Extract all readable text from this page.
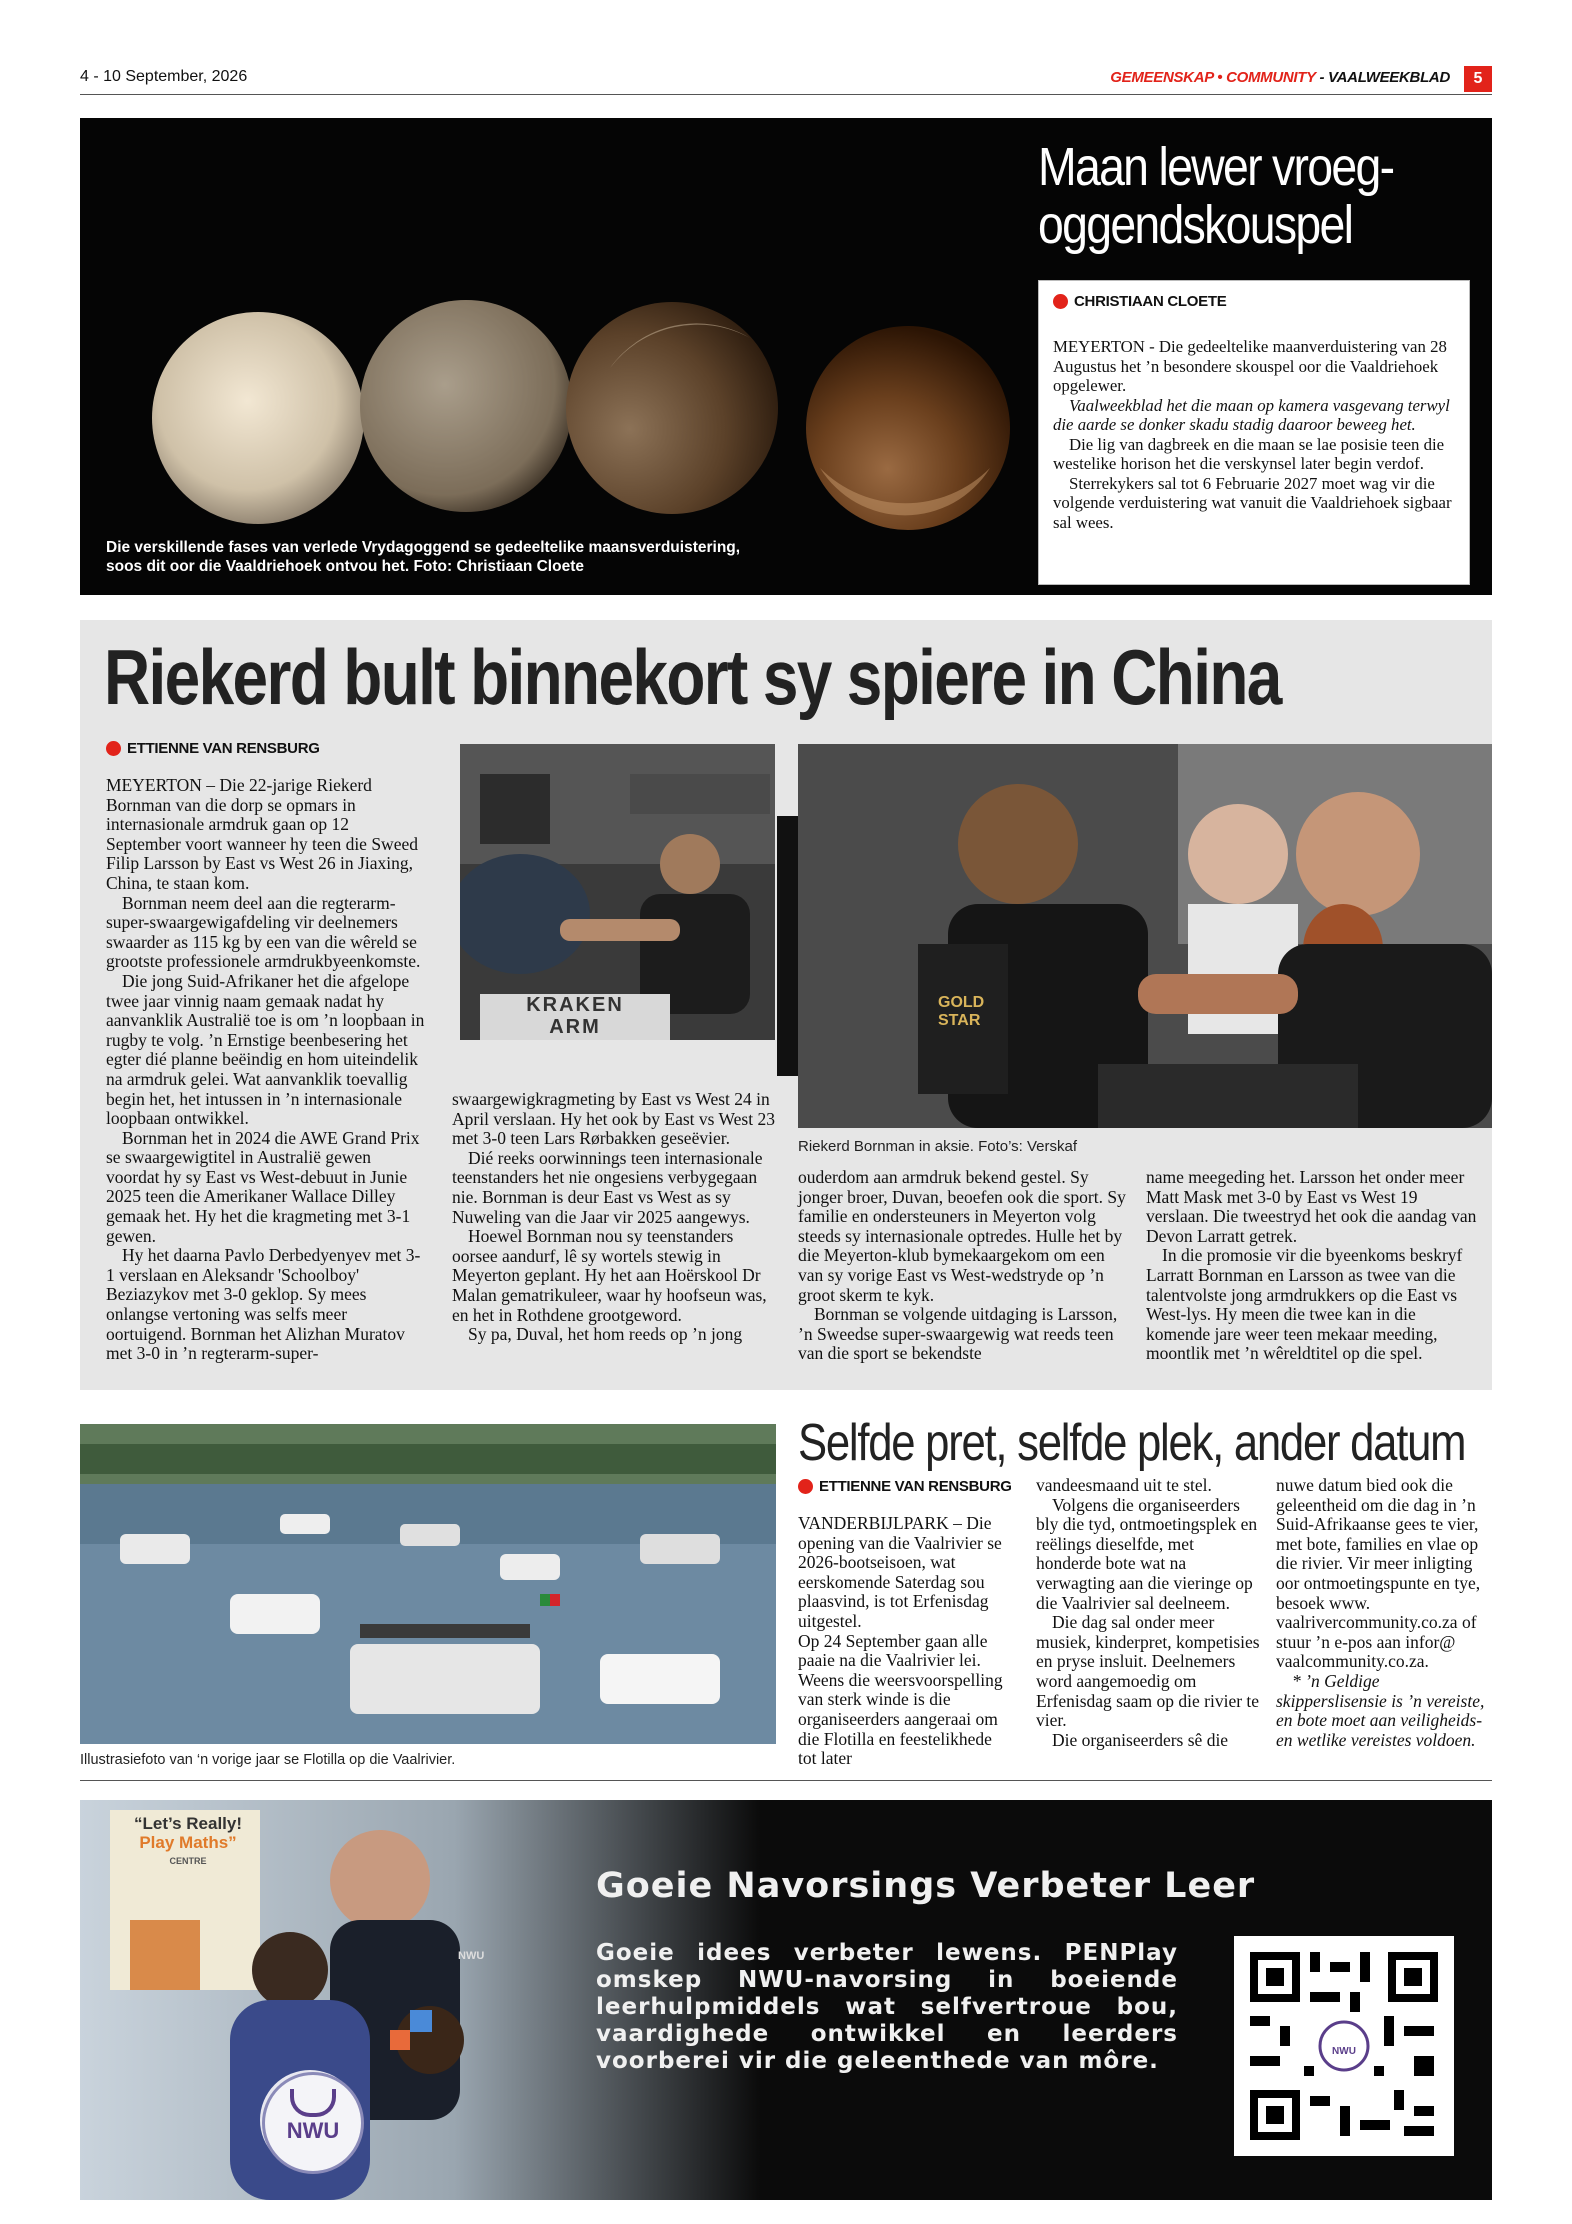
4 - 10 September, 2026	GEMEENSKAP • COMMUNITY - VAALWEEKBLAD	5
Die verskillende fases van verlede Vrydagoggend se gedeeltelike maansverduistering,
soos dit oor die Vaaldriehoek ontvou het. Foto: Christiaan Cloete
Maan lewer vroeg-
oggendskouspel
CHRISTIAAN CLOETE

MEYERTON - Die gedeeltelike maanverduistering van 28 Augustus het ’n besondere skouspel oor die Vaaldriehoek opgelewer.

Vaalweekblad het die maan op kamera vasgevang terwyl die aarde se donker skadu stadig daaroor beweeg het.

Die lig van dagbreek en die maan se lae posisie teen die westelike horison het die verskynsel later begin verdof.

Sterrekykers sal tot 6 Februarie 2027 moet wag vir die volgende verduistering wat vanuit die Vaaldriehoek sigbaar sal wees.

Riekerd bult binnekort sy spiere in China
ETTIENNE VAN RENSBURG

MEYERTON – Die 22-jarige Riekerd Bornman van die dorp se opmars in internasionale armdruk gaan op 12 September voort wanneer hy teen die Sweed Filip Larsson by East vs West 26 in Jiaxing, China, te staan kom.

Bornman neem deel aan die regterarm-super-swaargewigafdeling vir deelnemers swaarder as 115 kg by een van die wêreld se grootste professionele armdrukbyeenkomste.

Die jong Suid-Afrikaner het die afgelope twee jaar vinnig naam gemaak nadat hy aanvanklik Australië toe is om ’n loopbaan in rugby te volg. ’n Ernstige beenbesering het egter dié planne beëindig en hom uiteindelik na armdruk gelei. Wat aanvanklik toevallig begin het, het intussen in ’n internasionale loopbaan ontwikkel.

Bornman het in 2024 die AWE Grand Prix se swaargewigtitel in Australië gewen voordat hy sy East vs West-debuut in Junie 2025 teen die Amerikaner Wallace Dilley gemaak het. Hy het die kragmeting met 3-1 gewen.

Hy het daarna Pavlo Derbedyenyev met 3-1 verslaan en Aleksandr 'Schoolboy' Beziazykov met 3-0 geklop. Sy mees onlangse vertoning was selfs meer oortuigend. Bornman het Alizhan Muratov met 3-0 in ’n regterarm-super-

KRAKEN
ARM
GOLD STAR
Riekerd Bornman in aksie. Foto’s: Verskaf

swaargewigkragmeting by East vs West 24 in April verslaan. Hy het ook by East vs West 23 met 3-0 teen Lars Rørbakken geseëvier.

Dié reeks oorwinnings teen internasionale teenstanders het nie ongesiens verbygegaan nie. Bornman is deur East vs West as sy Nuweling van die Jaar vir 2025 aangewys.

Hoewel Bornman nou sy teenstanders oorsee aandurf, lê sy wortels stewig in Meyerton geplant. Hy het aan Hoërskool Dr Malan gematrikuleer, waar hy hoofseun was, en het in Rothdene grootgeword.

Sy pa, Duval, het hom reeds op ’n jong

ouderdom aan armdruk bekend gestel. Sy jonger broer, Duvan, beoefen ook die sport. Sy familie en ondersteuners in Meyerton volg steeds sy internasionale optredes. Hulle het by die Meyerton-klub bymekaargekom om een van sy vorige East vs West-wedstryde op ’n groot skerm te kyk.

Bornman se volgende uitdaging is Larsson, ’n Sweedse super-swaargewig wat reeds teen van die sport se bekendste

name meegeding het. Larsson het onder meer Matt Mask met 3-0 by East vs West 19 verslaan. Die tweestryd het ook die aandag van Devon Larratt getrek.

In die promosie vir die byeenkoms beskryf Larratt Bornman en Larsson as twee van die talentvolste jong armdrukkers op die East vs West-lys. Hy meen die twee kan in die komende jare weer teen mekaar meeding, moontlik met ’n wêreldtitel op die spel.

Illustrasiefoto van ‘n vorige jaar se Flotilla op die Vaalrivier.
Selfde pret, selfde plek, ander datum
ETTIENNE VAN RENSBURG

VANDERBIJLPARK – Die opening van die Vaalrivier se 2026-bootseisoen, wat eerskomende Saterdag sou plaasvind, is tot Erfenisdag uitgestel.

Op 24 September gaan alle paaie na die Vaalrivier lei. Weens die weersvoorspelling van sterk winde is die organiseerders aangeraai om die Flotilla en feestelikhede tot later

vandeesmaand uit te stel.

Volgens die organiseerders bly die tyd, ontmoetingsplek en reëlings dieselfde, met honderde bote wat na verwagting aan die vieringe op die Vaalrivier sal deelneem.

Die dag sal onder meer musiek, kinderpret, kompetisies en pryse insluit. Deelnemers word aangemoedig om Erfenisdag saam op die rivier te vier.

Die organiseerders sê die

nuwe datum bied ook die geleentheid om die dag in ’n Suid-Afrikaanse gees te vier, met bote, families en vlae op die rivier. Vir meer inligting oor ontmoetingspunte en tye, besoek www. vaalrivercommunity.co.za of stuur ’n e-pos aan infor@ vaalcommunity.co.za.

* ’n Geldige skipperslisensie is ’n vereiste, en bote moet aan veiligheids- en wetlike vereistes voldoen.

“Let’s Really!
Play Maths”
CENTRE
NWU
NWU
Goeie Navorsings Verbeter Leer
Goeie idees verbeter lewens. PENPlay omskep NWU-navorsing in boeiende leerhulpmiddels wat selfvertroue bou, vaardighede ontwikkel en leerders voorberei vir die geleenthede van môre.	NWU
